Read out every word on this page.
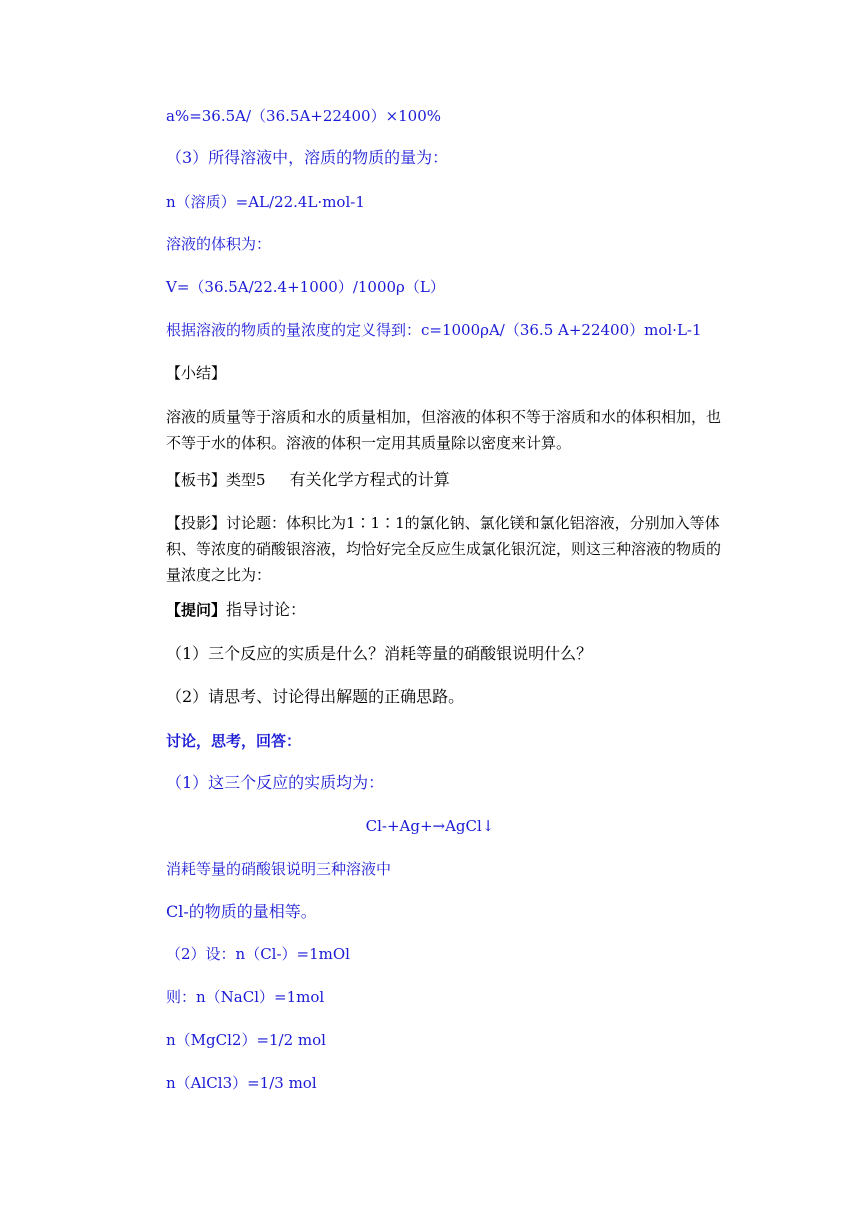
a%=36.5A/（36.5A+22400）×100%
（3）所得溶液中，溶质的物质的量为：
n（溶质）=AL/22.4L·mol-1
溶液的体积为：
V=（36.5A/22.4+1000）/1000ρ（L）
根据溶液的物质的量浓度的定义得到：c=1000ρA/（36.5 A+22400）mol·L-1
【小结】
溶液的质量等于溶质和水的质量相加，但溶液的体积不等于溶质和水的体积相加，也不等于水的体积。溶液的体积一定用其质量除以密度来计算。
【板书】类型5 有关化学方程式的计算
【投影】讨论题：体积比为1∶1∶1的氯化钠、氯化镁和氯化铝溶液，分别加入等体积、等浓度的硝酸银溶液，均恰好完全反应生成氯化银沉淀，则这三种溶液的物质的量浓度之比为：
【提问】指导讨论：
（1）三个反应的实质是什么？消耗等量的硝酸银说明什么？
（2）请思考、讨论得出解题的正确思路。
讨论，思考，回答：
（1）这三个反应的实质均为：
Cl-+Ag+→AgCl↓
消耗等量的硝酸银说明三种溶液中
Cl-的物质的量相等。
（2）设：n（Cl-）=1mOl
则：n（NaCl）=1mol
n（MgCl2）=1/2 mol
n（AlCl3）=1/3 mol
